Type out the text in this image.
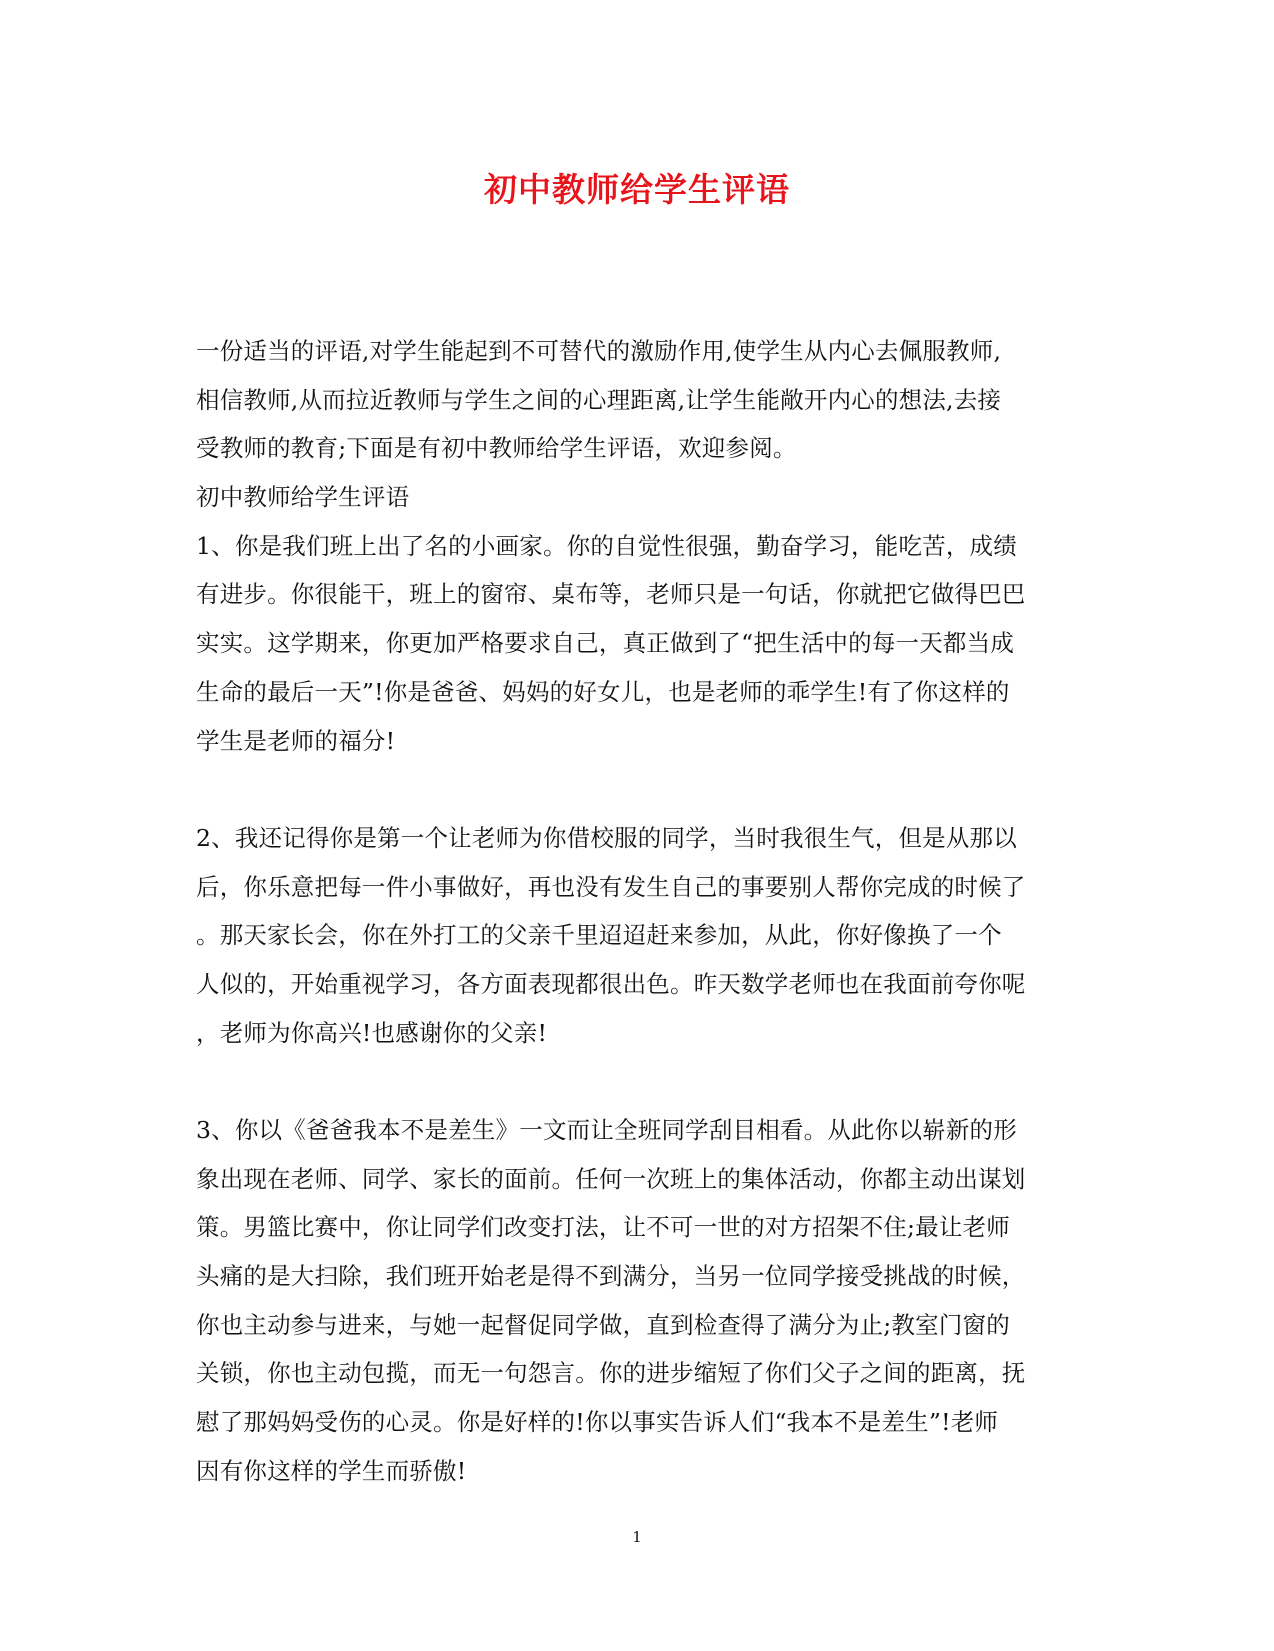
初中教师给学生评语
一份适当的评语,对学生能起到不可替代的激励作用,使学生从内心去佩服教师,
相信教师,从而拉近教师与学生之间的心理距离,让学生能敞开内心的想法,去接
受教师的教育;下面是有初中教师给学生评语，欢迎参阅。
初中教师给学生评语
1、你是我们班上出了名的小画家。你的自觉性很强，勤奋学习，能吃苦，成绩
有进步。你很能干，班上的窗帘、桌布等，老师只是一句话，你就把它做得巴巴
实实。这学期来，你更加严格要求自己，真正做到了“把生活中的每一天都当成
生命的最后一天”!你是爸爸、妈妈的好女儿，也是老师的乖学生!有了你这样的
学生是老师的福分!
2、我还记得你是第一个让老师为你借校服的同学，当时我很生气，但是从那以
后，你乐意把每一件小事做好，再也没有发生自己的事要别人帮你完成的时候了
。那天家长会，你在外打工的父亲千里迢迢赶来参加，从此，你好像换了一个
人似的，开始重视学习，各方面表现都很出色。昨天数学老师也在我面前夸你呢
，老师为你高兴!也感谢你的父亲!
3、你以《爸爸我本不是差生》一文而让全班同学刮目相看。从此你以崭新的形
象出现在老师、同学、家长的面前。任何一次班上的集体活动，你都主动出谋划
策。男篮比赛中，你让同学们改变打法，让不可一世的对方招架不住;最让老师
头痛的是大扫除，我们班开始老是得不到满分，当另一位同学接受挑战的时候，
你也主动参与进来，与她一起督促同学做，直到检查得了满分为止;教室门窗的
关锁，你也主动包揽，而无一句怨言。你的进步缩短了你们父子之间的距离，抚
慰了那妈妈受伤的心灵。你是好样的!你以事实告诉人们“我本不是差生”!老师
因有你这样的学生而骄傲!
1
